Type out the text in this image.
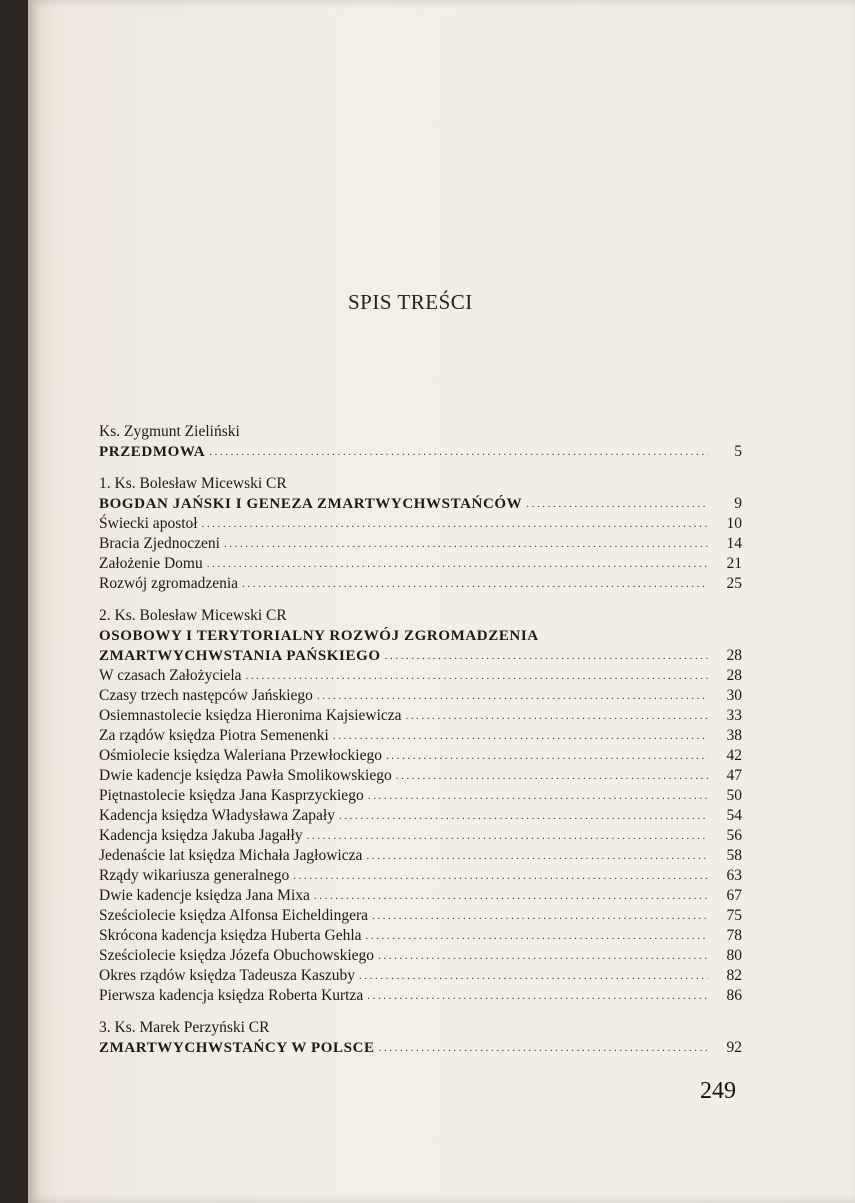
SPIS TREŚCI
Ks. Zygmunt Zieliński
PRZEDMOWA .....	5
1. Ks. Bolesław Micewski CR
BOGDAN JAŃSKI I GENEZA ZMARTWYCHWSTAŃCÓW .....	9
Świecki apostoł .....	10
Bracia Zjednoczeni .....	14
Założenie Domu .....	21
Rozwój zgromadzenia .....	25
2. Ks. Bolesław Micewski CR
OSOBOWY I TERYTORIALNY ROZWÓJ ZGROMADZENIA
ZMARTWYCHWSTANIA PAŃSKIEGO .....	28
W czasach Założyciela .....	28
Czasy trzech następców Jańskiego .....	30
Osiemnastolecie księdza Hieronima Kajsiewicza .....	33
Za rządów księdza Piotra Semenenki .....	38
Ośmiolecie księdza Waleriana Przewłockiego .....	42
Dwie kadencje księdza Pawła Smolikowskiego .....	47
Piętnastolecie księdza Jana Kasprzyckiego .....	50
Kadencja księdza Władysława Zapały .....	54
Kadencja księdza Jakuba Jagałły .....	56
Jedenaście lat księdza Michała Jagłowicza .....	58
Rządy wikariusza generalnego .....	63
Dwie kadencje księdza Jana Mixa .....	67
Sześciolecie księdza Alfonsa Eicheldingera .....	75
Skrócona kadencja księdza Huberta Gehla .....	78
Sześciolecie księdza Józefa Obuchowskiego .....	80
Okres rządów księdza Tadeusza Kaszuby .....	82
Pierwsza kadencja księdza Roberta Kurtza .....	86
3. Ks. Marek Perzyński CR
ZMARTWYCHWSTAŃCY W POLSCE .....	92
249
